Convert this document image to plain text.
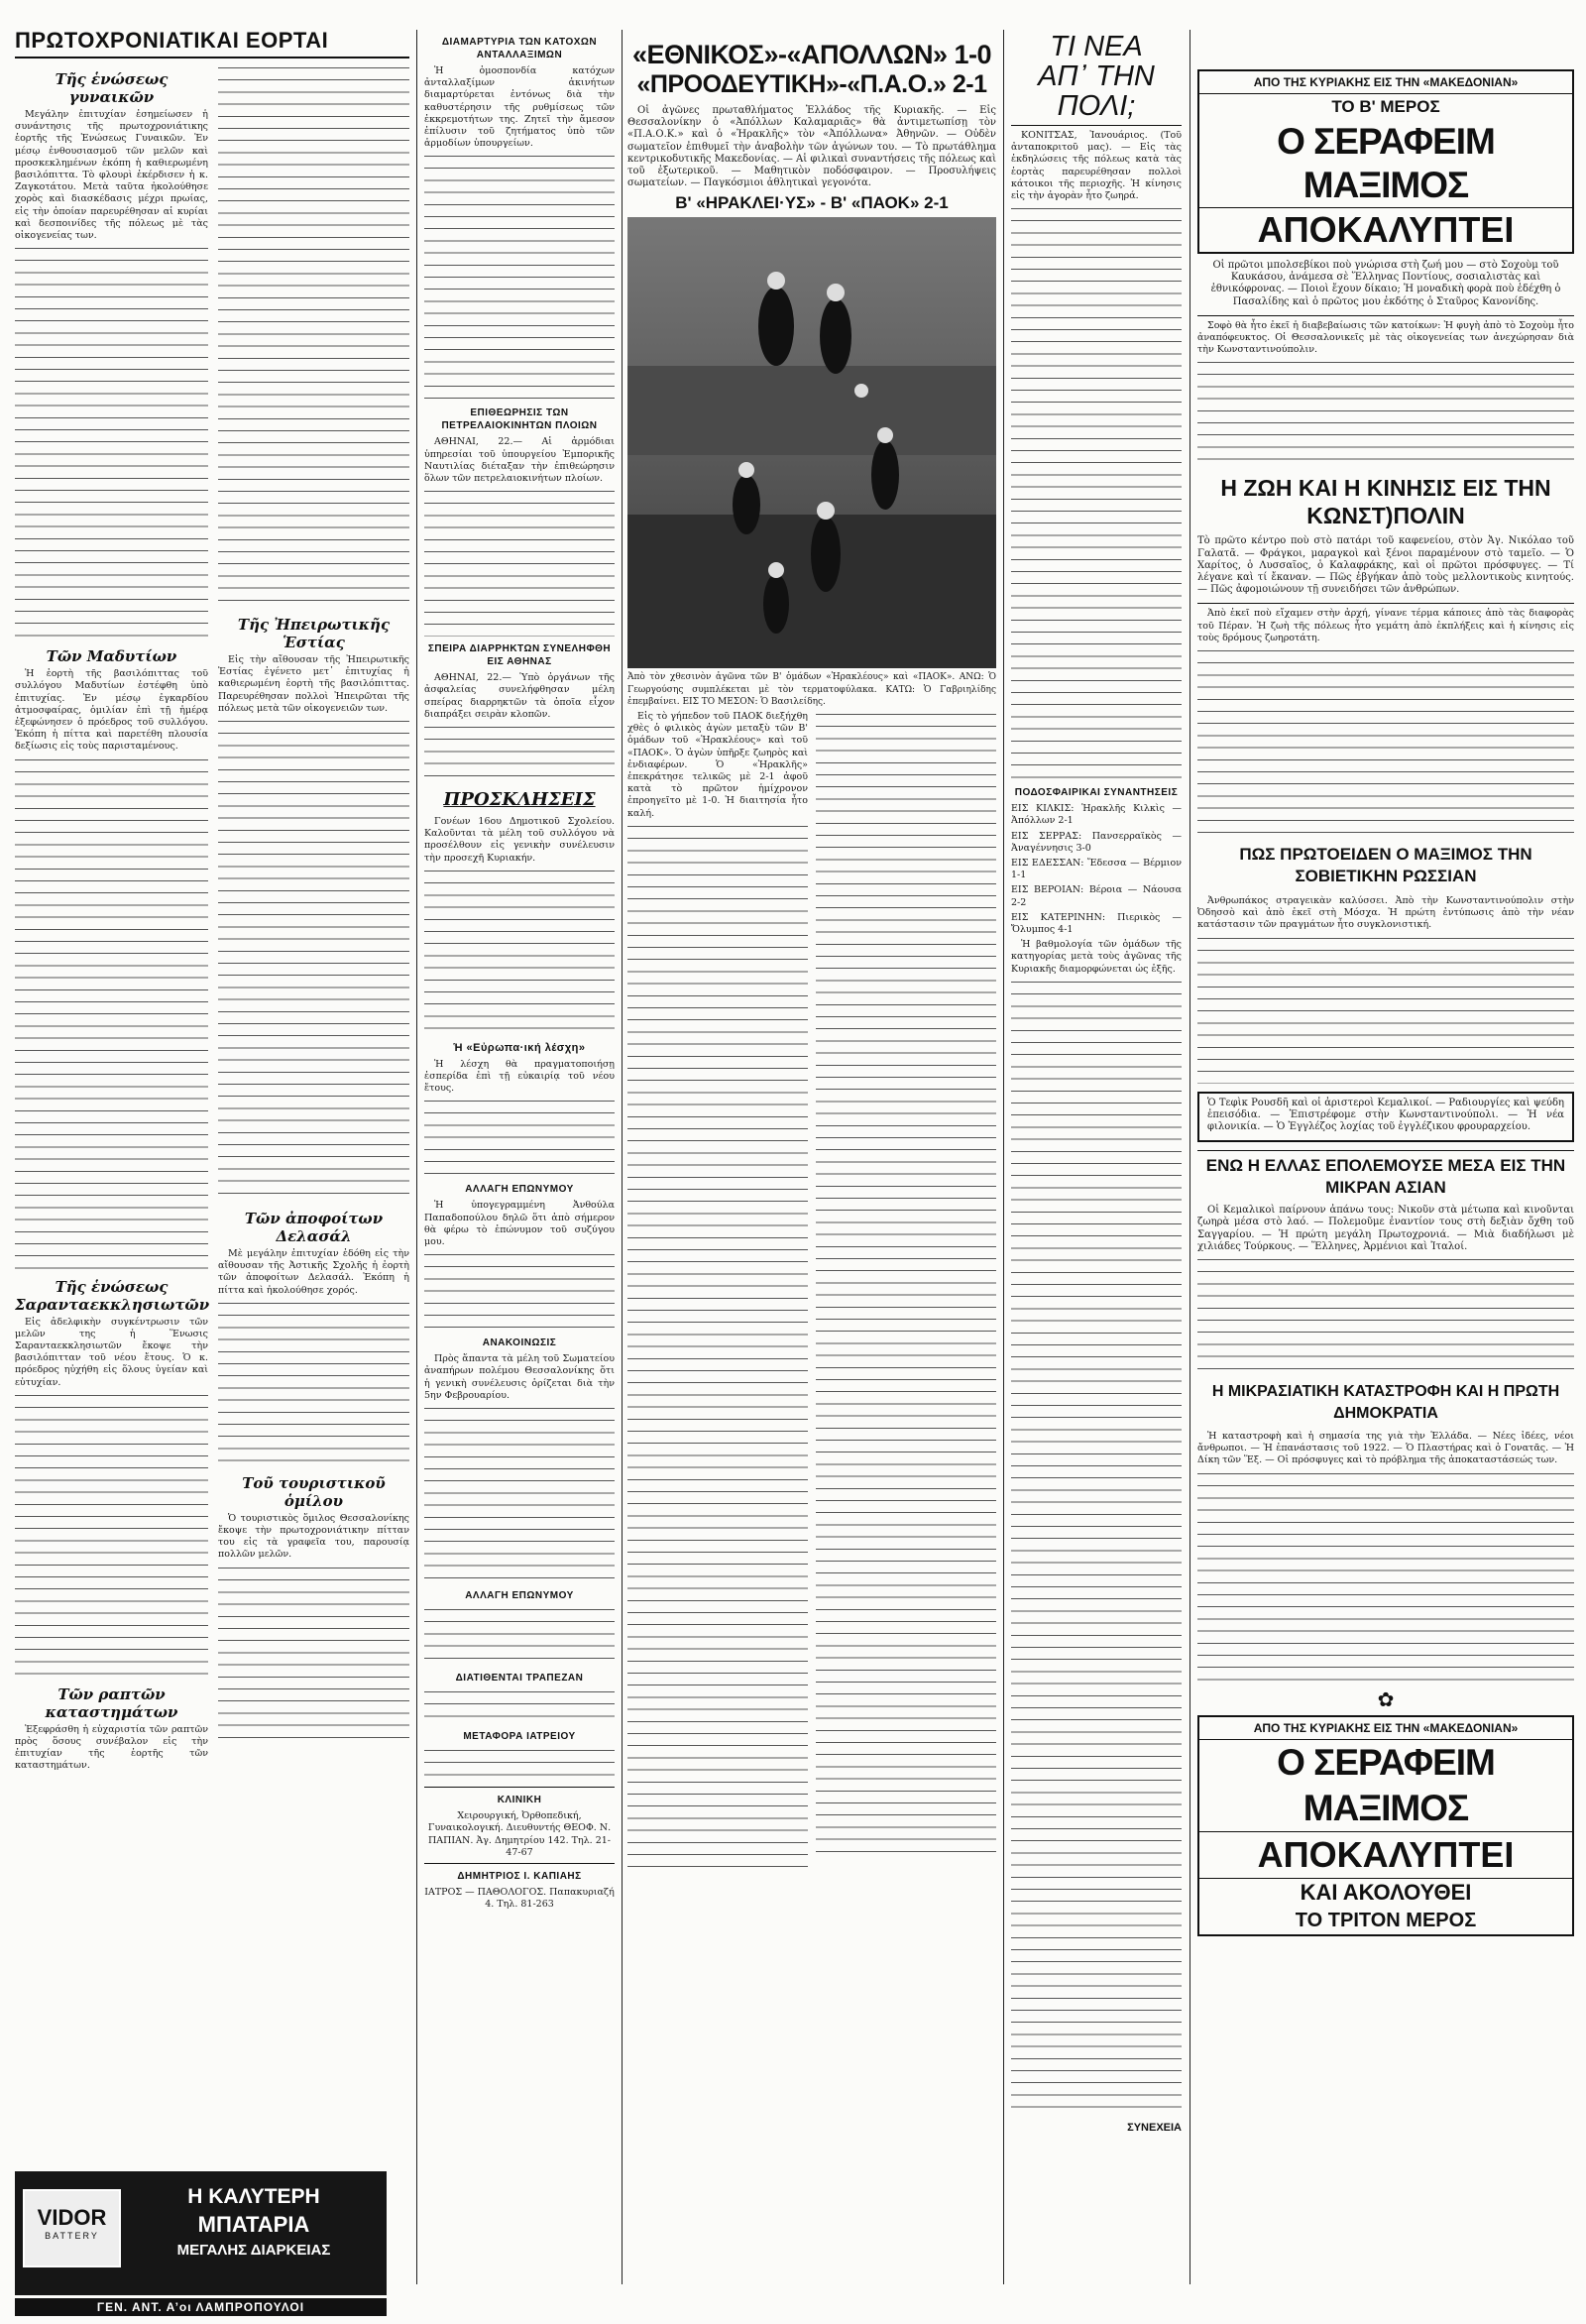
ΠΡΩΤΟΧΡΟΝΙΑΤΙΚΑΙ ΕΟΡΤΑΙ
Τῆς ἑνώσεως γυναικῶν

Μεγάλην ἐπιτυχίαν ἐσημείωσεν ἡ συνάντησις τῆς πρωτοχρονιάτικης ἑορτῆς τῆς Ἑνώσεως Γυναικῶν. Ἐν μέσῳ ἐνθουσιασμοῦ τῶν μελῶν καὶ προσκεκλημένων ἐκόπη ἡ καθιερωμένη βασιλόπιττα. Τὸ φλουρὶ ἐκέρδισεν ἡ κ. Ζαγκοτάτου. Μετὰ ταῦτα ἠκολούθησε χορὸς καὶ διασκέδασις μέχρι πρωίας, εἰς τὴν ὁποίαν παρευρέθησαν αἱ κυρίαι καὶ δεσποινίδες τῆς πόλεως μὲ τὰς οἰκογενείας των.

Τῶν Μαδυτίων

Ἡ ἑορτὴ τῆς βασιλόπιττας τοῦ συλλόγου Μαδυτίων ἐστέφθη ὑπὸ ἐπιτυχίας. Ἐν μέσῳ ἐγκαρδίου ἀτμοσφαίρας, ὁμιλίαν ἐπὶ τῇ ἡμέρᾳ ἐξεφώνησεν ὁ πρόεδρος τοῦ συλλόγου. Ἐκόπη ἡ πίττα καὶ παρετέθη πλουσία δεξίωσις εἰς τοὺς παρισταμένους.

Τῆς ἑνώσεως Σαρανταεκκλησιωτῶν

Εἰς ἀδελφικὴν συγκέντρωσιν τῶν μελῶν της ἡ Ἕνωσις Σαρανταεκκλησιωτῶν ἔκοψε τὴν βασιλόπιτταν τοῦ νέου ἔτους. Ὁ κ. πρόεδρος ηὐχήθη εἰς ὅλους ὑγείαν καὶ εὐτυχίαν.

Τῶν ραπτῶν καταστημάτων

Ἐξεφράσθη ἡ εὐχαριστία τῶν ραπτῶν πρὸς ὅσους συνέβαλον εἰς τὴν ἐπιτυχίαν τῆς ἑορτῆς τῶν καταστημάτων.

Τῆς Ἠπειρωτικῆς Ἑστίας

Εἰς τὴν αἴθουσαν τῆς Ἠπειρωτικῆς Ἑστίας ἐγένετο μετ᾽ ἐπιτυχίας ἡ καθιερωμένη ἑορτὴ τῆς βασιλόπιττας. Παρευρέθησαν πολλοὶ Ἠπειρῶται τῆς πόλεως μετὰ τῶν οἰκογενειῶν των.

Τῶν ἀποφοίτων Δελασάλ

Μὲ μεγάλην ἐπιτυχίαν ἐδόθη εἰς τὴν αἴθουσαν τῆς Ἀστικῆς Σχολῆς ἡ ἑορτὴ τῶν ἀποφοίτων Δελασάλ. Ἐκόπη ἡ πίττα καὶ ἠκολούθησε χορός.

Τοῦ τουριστικοῦ ὁμίλου

Ὁ τουριστικὸς ὅμιλος Θεσσαλονίκης ἔκοψε τὴν πρωτοχρονιάτικην πίτταν του εἰς τὰ γραφεῖα του, παρουσίᾳ πολλῶν μελῶν.

VIDOR
BATTERY
Η ΚΑΛΥΤΕΡΗ
ΜΠΑΤΑΡΙΑ
ΜΕΓΑΛΗΣ ΔΙΑΡΚΕΙΑΣ
ΓΕΝ. ΑΝΤ. Α’οι ΛΑΜΠΡΟΠΟΥΛΟΙ
ΔΙΑΜΑΡΤΥΡΙΑ ΤΩΝ ΚΑΤΟΧΩΝ ΑΝΤΑΛΛΑΞΙΜΩΝ

Ἡ ὁμοσπονδία κατόχων ἀνταλλαξίμων ἀκινήτων διαμαρτύρεται ἐντόνως διὰ τὴν καθυστέρησιν τῆς ρυθμίσεως τῶν ἐκκρεμοτήτων της. Ζητεῖ τὴν ἄμεσον ἐπίλυσιν τοῦ ζητήματος ὑπὸ τῶν ἁρμοδίων ὑπουργείων.

ΕΠΙΘΕΩΡΗΣΙΣ ΤΩΝ ΠΕΤΡΕΛΑΙΟΚΙΝΗΤΩΝ ΠΛΟΙΩΝ

ΑΘΗΝΑΙ, 22.— Αἱ ἁρμόδιαι ὑπηρεσίαι τοῦ ὑπουργείου Ἐμπορικῆς Ναυτιλίας διέταξαν τὴν ἐπιθεώρησιν ὅλων τῶν πετρελαιοκινήτων πλοίων.

ΣΠΕΙΡΑ ΔΙΑΡΡΗΚΤΩΝ ΣΥΝΕΛΗΦΘΗ ΕΙΣ ΑΘΗΝΑΣ

ΑΘΗΝΑΙ, 22.— Ὑπὸ ὀργάνων τῆς ἀσφαλείας συνελήφθησαν μέλη σπείρας διαρρηκτῶν τὰ ὁποῖα εἶχον διαπράξει σειρὰν κλοπῶν.

ΠΡΟΣΚΛΗΣΕΙΣ

Γονέων 16ου Δημοτικοῦ Σχολείου. Καλοῦνται τὰ μέλη τοῦ συλλόγου νὰ προσέλθουν εἰς γενικὴν συνέλευσιν τὴν προσεχῆ Κυριακήν.

Ἡ «Εὐρωπα·ική λέσχη»

Ἡ λέσχη θὰ πραγματοποιήσῃ ἑσπερίδα ἐπὶ τῇ εὐκαιρίᾳ τοῦ νέου ἔτους.

ΑΛΛΑΓΗ ΕΠΩΝΥΜΟΥ

Ἡ ὑπογεγραμμένη Ἀνθούλα Παπαδοπούλου δηλῶ ὅτι ἀπὸ σήμερον θὰ φέρω τὸ ἐπώνυμον τοῦ συζύγου μου.

ΑΝΑΚΟΙΝΩΣΙΣ

Πρὸς ἅπαντα τὰ μέλη τοῦ Σωματείου ἀναπήρων πολέμου Θεσσαλονίκης ὅτι ἡ γενικὴ συνέλευσις ὁρίζεται διὰ τὴν 5ην Φεβρουαρίου.

ΑΛΛΑΓΗ ΕΠΩΝΥΜΟΥ
ΔΙΑΤΙΘΕΝΤΑΙ ΤΡΑΠΕΖΑΝ
ΜΕΤΑΦΟΡΑ ΙΑΤΡΕΙΟΥ
ΚΛΙΝΙΚΗ

Χειρουργική, Ὀρθοπεδική, Γυναικολογική. Διευθυντής ΘΕΟΦ. Ν. ΠΑΠΙΑΝ. Ἀγ. Δημητρίου 142. Τηλ. 21-47-67

ΔΗΜΗΤΡΙΟΣ Ι. ΚΑΠΙΑΗΣ

ΙΑΤΡΟΣ — ΠΑΘΟΛΟΓΟΣ. Παπακυριαζή 4. Τηλ. 81-263

«ΕΘΝΙΚΟΣ»-«ΑΠΟΛΛΩΝ» 1-0
«ΠΡΟΟΔΕΥΤΙΚΗ»-«Π.Α.Ο.» 2-1

Οἱ ἀγῶνες πρωταθλήματος Ἑλλάδος τῆς Κυριακῆς. — Εἰς Θεσσαλονίκην ὁ «Ἀπόλλων Καλαμαριᾶς» θὰ ἀντιμετωπίσῃ τὸν «Π.Α.Ο.Κ.» καὶ ὁ «Ἡρακλῆς» τὸν «Ἀπόλλωνα» Ἀθηνῶν. — Οὐδὲν σωματεῖον ἐπιθυμεῖ τὴν ἀναβολὴν τῶν ἀγώνων του. — Τὸ πρωτάθλημα κεντρικοδυτικῆς Μακεδονίας. — Αἱ φιλικαὶ συναντήσεις τῆς πόλεως καὶ τοῦ ἐξωτερικοῦ. — Μαθητικὸν ποδόσφαιρον. — Προσυλήψεις σωματείων. — Παγκόσμιοι ἀθλητικαὶ γεγονότα.

Β' «ΗΡΑΚΛΕΙ·ΥΣ» - Β' «ΠΑΟΚ» 2-1

Ἀπὸ τὸν χθεσινὸν ἀγῶνα τῶν Β' ὁμάδων «Ἡρακλέους» καὶ «ΠΑΟΚ». ΑΝΩ: Ὁ Γεωργούσης συμπλέκεται μὲ τὸν τερματοφύλακα. ΚΑΤΩ: Ὁ Γαβριηλίδης ἐπεμβαίνει. ΕΙΣ ΤΟ ΜΕΣΟΝ: Ὁ Βασιλείδης.

Εἰς τὸ γήπεδον τοῦ ΠΑΟΚ διεξήχθη χθὲς ὁ φιλικὸς ἀγὼν μεταξὺ τῶν Β' ὁμάδων τοῦ «Ἡρακλέους» καὶ τοῦ «ΠΑΟΚ». Ὁ ἀγὼν ὑπῆρξε ζωηρὸς καὶ ἐνδιαφέρων. Ὁ «Ἡρακλῆς» ἐπεκράτησε τελικῶς μὲ 2-1 ἀφοῦ κατὰ τὸ πρῶτον ἡμίχρονον ἐπροηγεῖτο μὲ 1-0. Ἡ διαιτησία ἦτο καλή.

ΤΙ ΝΕΑ
ΑΠ᾽ ΤΗΝ
ΠΟΛΙ;

ΚΟΝΙΤΣΑΣ, Ἰανουάριος. (Τοῦ ἀνταποκριτοῦ μας). — Εἰς τὰς ἐκδηλώσεις τῆς πόλεως κατὰ τὰς ἑορτὰς παρευρέθησαν πολλοὶ κάτοικοι τῆς περιοχῆς. Ἡ κίνησις εἰς τὴν ἀγορὰν ἦτο ζωηρά.

ΠΟΔΟΣΦΑΙΡΙΚΑΙ ΣΥΝΑΝΤΗΣΕΙΣ

ΕΙΣ ΚΙΛΚΙΣ: Ἡρακλῆς Κιλκὶς — Ἀπόλλων 2-1

ΕΙΣ ΣΕΡΡΑΣ: Πανσερραϊκὸς — Ἀναγέννησις 3-0

ΕΙΣ ΕΔΕΣΣΑΝ: Ἔδεσσα — Βέρμιον 1-1

ΕΙΣ ΒΕΡΟΙΑΝ: Βέροια — Νάουσα 2-2

ΕΙΣ ΚΑΤΕΡΙΝΗΝ: Πιερικὸς — Ὄλυμπος 4-1

Ἡ βαθμολογία τῶν ὁμάδων τῆς κατηγορίας μετὰ τοὺς ἀγῶνας τῆς Κυριακῆς διαμορφώνεται ὡς ἑξῆς.

ΣΥΝΕΧΕΙΑ
ΑΠΟ ΤΗΣ ΚΥΡΙΑΚΗΣ ΕΙΣ ΤΗΝ «ΜΑΚΕΔΟΝΙΑΝ»
ΤΟ Β' ΜΕΡΟΣ
Ο ΣΕΡΑΦΕΙΜ ΜΑΞΙΜΟΣ
ΑΠΟΚΑΛΥΠΤΕΙ

Οἱ πρῶτοι μπολσεβίκοι ποὺ γνώρισα στὴ ζωή μου — στὸ Σοχοὺμ τοῦ Καυκάσου, ἀνάμεσα σὲ Ἕλληνας Ποντίους, σοσιαλιστὰς καὶ ἐθνικόφρονας. — Ποιοὶ ἔχουν δίκαιο; Ἡ μοναδικὴ φορὰ ποὺ ἐδέχθη ὁ Πασαλίδης καὶ ὁ πρῶτος μου ἐκδότης ὁ Σταῦρος Κανονίδης.

Σοφὸ θὰ ἦτο ἐκεῖ ἡ διαβεβαίωσις τῶν κατοίκων: Ἡ φυγὴ ἀπὸ τὸ Σοχοὺμ ἦτο ἀναπόφευκτος. Οἱ Θεσσαλονικεῖς μὲ τὰς οἰκογενείας των ἀνεχώρησαν διὰ τὴν Κωνσταντινούπολιν.

Η ΖΩΗ ΚΑΙ Η ΚΙΝΗΣΙΣ ΕΙΣ ΤΗΝ ΚΩΝΣΤ)ΠΟΛΙΝ

Τὸ πρῶτο κέντρο ποὺ στὸ πατάρι τοῦ καφενείου, στὸν Ἀγ. Νικόλαο τοῦ Γαλατᾶ. — Φράγκοι, μαραγκοὶ καὶ ξένοι παραμένουν στὸ ταμεῖο. — Ὁ Χαρίτος, ὁ Λυσσαῖος, ὁ Καλαφράκης, καὶ οἱ πρῶτοι πρόσφυγες. — Τί λέγανε καὶ τί ἔκαναν. — Πῶς ἐβγήκαν ἀπὸ τοὺς μελλοντικοὺς κινητούς. — Πῶς ἀφομοιώνουν τῇ συνειδήσει τῶν ἀνθρώπων.

Ἀπὸ ἐκεῖ ποὺ εἴχαμεν στὴν ἀρχή, γίνανε τέρμα κάποιες ἀπὸ τὰς διαφορὰς τοῦ Πέραν. Ἡ ζωὴ τῆς πόλεως ἦτο γεμάτη ἀπὸ ἐκπλήξεις καὶ ἡ κίνησις εἰς τοὺς δρόμους ζωηροτάτη.

ΠΩΣ ΠΡΩΤΟΕΙΔΕΝ Ο ΜΑΞΙΜΟΣ ΤΗΝ ΣΟΒΙΕΤΙΚΗΝ ΡΩΣΣΙΑΝ

Ἀνθρωπάκος στραγεικὰν καλύσσει. Ἀπὸ τὴν Κωνσταντινούπολιν στὴν Ὀδησσὸ καὶ ἀπὸ ἐκεῖ στὴ Μόσχα. Ἡ πρώτη ἐντύπωσις ἀπὸ τὴν νέαν κατάστασιν τῶν πραγμάτων ἦτο συγκλονιστική.

Ὁ Τεφὶκ Ρουσδῆ καὶ οἱ ἀριστεροὶ Κεμαλικοί. — Ραδιουργίες καὶ ψεύδη ἐπεισόδια. — Ἐπιστρέφομε στὴν Κωνσταντινούπολι. — Ἡ νέα φιλονικία. — Ὁ Ἐγγλέζος λοχίας τοῦ ἐγγλέζικου φρουραρχείου.

ΕΝΩ Η ΕΛΛΑΣ ΕΠΟΛΕΜΟΥΣΕ ΜΕΣΑ ΕΙΣ ΤΗΝ ΜΙΚΡΑΝ ΑΣΙΑΝ

Οἱ Κεμαλικοὶ παίρνουν ἀπάνω τους: Νικοῦν στὰ μέτωπα καὶ κινοῦνται ζωηρὰ μέσα στὸ λαό. — Πολεμοῦμε ἐναντίον τους στὴ δεξιὰν ὄχθη τοῦ Σαγγαρίου. — Ἡ πρώτη μεγάλη Πρωτοχρονιά. — Μιὰ διαδήλωσι μὲ χιλιάδες Τούρκους. — Ἕλληνες, Ἀρμένιοι καὶ Ἰταλοί.

Η ΜΙΚΡΑΣΙΑΤΙΚΗ ΚΑΤΑΣΤΡΟΦΗ ΚΑΙ Η ΠΡΩΤΗ ΔΗΜΟΚΡΑΤΙΑ

Ἡ καταστροφὴ καὶ ἡ σημασία της γιὰ τὴν Ἑλλάδα. — Νέες ἰδέες, νέοι ἄνθρωποι. — Ἡ ἐπανάστασις τοῦ 1922. — Ὁ Πλαστήρας καὶ ὁ Γονατᾶς. — Ἡ Δίκη τῶν Ἕξ. — Οἱ πρόσφυγες καὶ τὸ πρόβλημα τῆς ἀποκαταστάσεώς των.

✿
ΑΠΟ ΤΗΣ ΚΥΡΙΑΚΗΣ ΕΙΣ ΤΗΝ «ΜΑΚΕΔΟΝΙΑΝ»
Ο ΣΕΡΑΦΕΙΜ ΜΑΞΙΜΟΣ
ΑΠΟΚΑΛΥΠΤΕΙ
ΚΑΙ ΑΚΟΛΟΥΘΕΙ
ΤΟ ΤΡΙΤΟΝ ΜΕΡΟΣ
